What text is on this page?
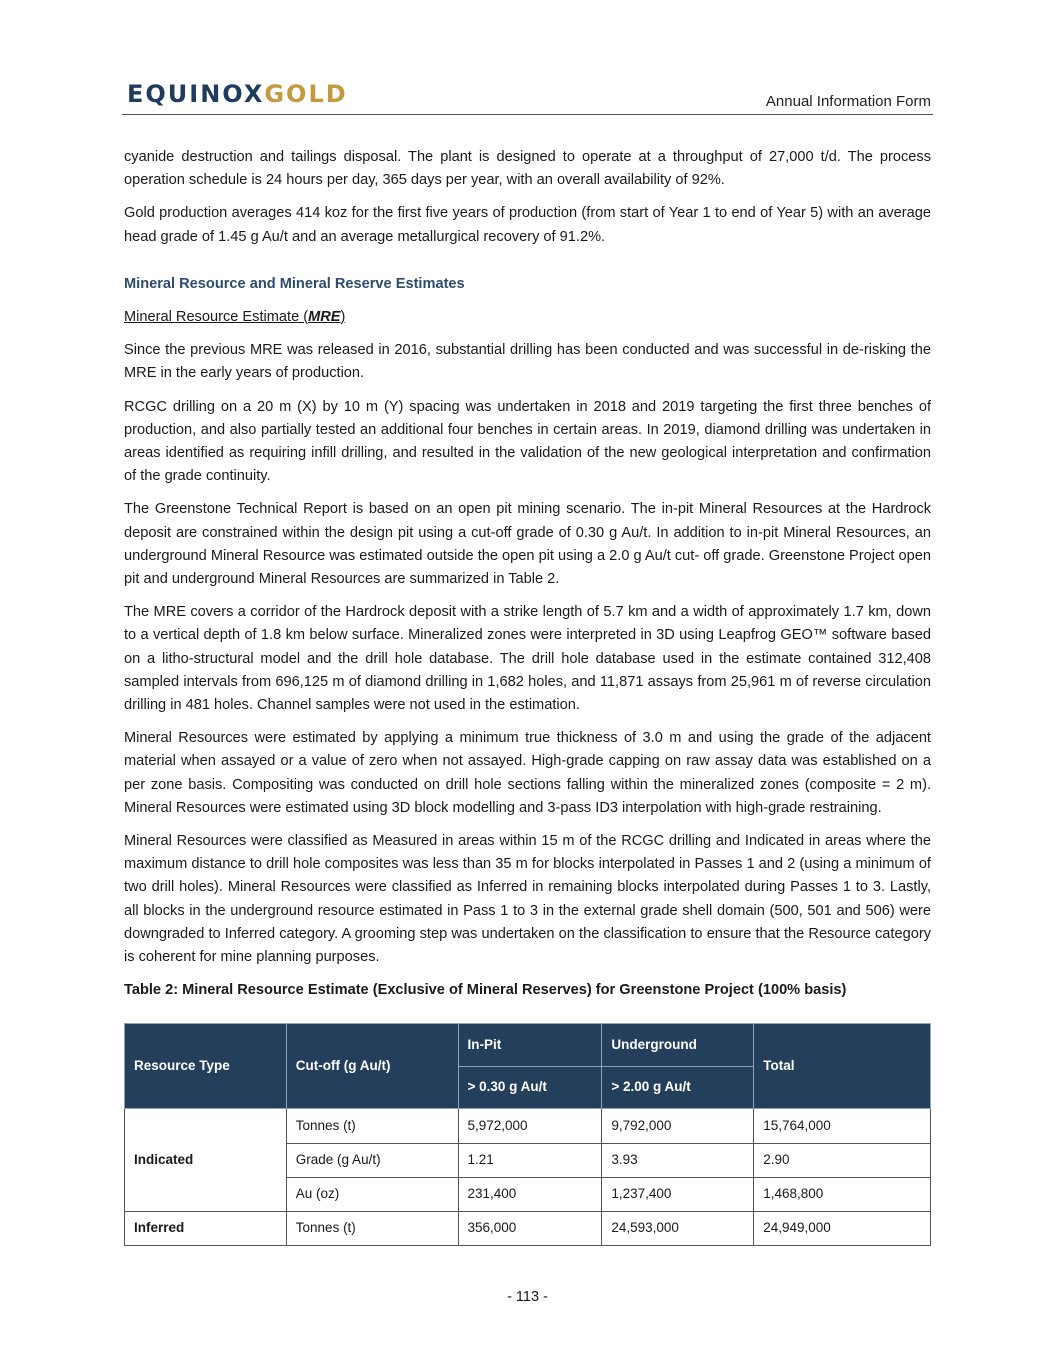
EQUINOXGOLD	Annual Information Form

cyanide destruction and tailings disposal. The plant is designed to operate at a throughput of 27,000 t/d. The process operation schedule is 24 hours per day, 365 days per year, with an overall availability of 92%.

Gold production averages 414 koz for the first five years of production (from start of Year 1 to end of Year 5) with an average head grade of 1.45 g Au/t and an average metallurgical recovery of 91.2%.

Mineral Resource and Mineral Reserve Estimates
Mineral Resource Estimate (MRE)

Since the previous MRE was released in 2016, substantial drilling has been conducted and was successful in de-risking the MRE in the early years of production.

RCGC drilling on a 20 m (X) by 10 m (Y) spacing was undertaken in 2018 and 2019 targeting the first three benches of production, and also partially tested an additional four benches in certain areas. In 2019, diamond drilling was undertaken in areas identified as requiring infill drilling, and resulted in the validation of the new geological interpretation and confirmation of the grade continuity.

The Greenstone Technical Report is based on an open pit mining scenario. The in-pit Mineral Resources at the Hardrock deposit are constrained within the design pit using a cut-off grade of 0.30 g Au/t. In addition to in-pit Mineral Resources, an underground Mineral Resource was estimated outside the open pit using a 2.0 g Au/t cut- off grade. Greenstone Project open pit and underground Mineral Resources are summarized in Table 2.

The MRE covers a corridor of the Hardrock deposit with a strike length of 5.7 km and a width of approximately 1.7 km, down to a vertical depth of 1.8 km below surface. Mineralized zones were interpreted in 3D using Leapfrog GEO™ software based on a litho-structural model and the drill hole database. The drill hole database used in the estimate contained 312,408 sampled intervals from 696,125 m of diamond drilling in 1,682 holes, and 11,871 assays from 25,961 m of reverse circulation drilling in 481 holes. Channel samples were not used in the estimation.

Mineral Resources were estimated by applying a minimum true thickness of 3.0 m and using the grade of the adjacent material when assayed or a value of zero when not assayed. High-grade capping on raw assay data was established on a per zone basis. Compositing was conducted on drill hole sections falling within the mineralized zones (composite = 2 m). Mineral Resources were estimated using 3D block modelling and 3-pass ID3 interpolation with high-grade restraining.

Mineral Resources were classified as Measured in areas within 15 m of the RCGC drilling and Indicated in areas where the maximum distance to drill hole composites was less than 35 m for blocks interpolated in Passes 1 and 2 (using a minimum of two drill holes). Mineral Resources were classified as Inferred in remaining blocks interpolated during Passes 1 to 3. Lastly, all blocks in the underground resource estimated in Pass 1 to 3 in the external grade shell domain (500, 501 and 506) were downgraded to Inferred category. A grooming step was undertaken on the classification to ensure that the Resource category is coherent for mine planning purposes.

Table 2: Mineral Resource Estimate (Exclusive of Mineral Reserves) for Greenstone Project (100% basis)
Resource Type	Cut-off (g Au/t)	In-Pit	Underground	Total
		> 0.30 g Au/t	> 2.00 g Au/t	
Indicated	Tonnes (t)	5,972,000	9,792,000	15,764,000
	Grade (g Au/t)	1.21	3.93	2.90
	Au (oz)	231,400	1,237,400	1,468,800
Inferred	Tonnes (t)	356,000	24,593,000	24,949,000
- 113 -
